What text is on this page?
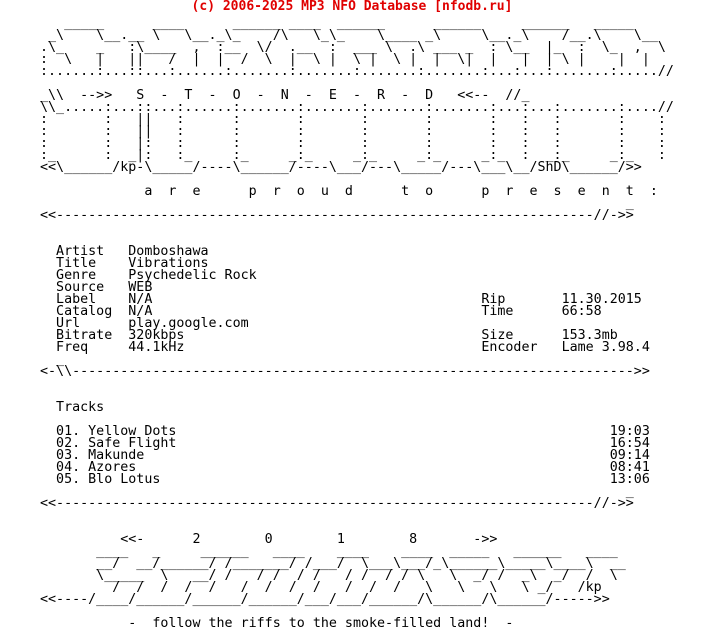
(c) 2006-2025 MP3 NFO Database [nfodb.ru]
_____      ____      ______ ____  ______      ______     ______   _____
_\    \__.__ \   \__._\_    /\   \_\_    \____ _\     \__._\    /__.\    \__
.\_    _   :\____  ,  :__  \/  .__  :  ___ \  .\ ___ _  : \__  |_  :  \_  ,  \
:  \   |   ||   /  |  |  /  \  |  \ |  \ |  \ |  |  \|  |   |  | \ |    |  |
:......:...::...:......:.......:.......:.......:.......:...:...:.......:.....//
_\\  -->>   S  -  T  -  O  -  N  -  E  -  R  -  D   <<--  //_
\\_.....:...::...:......:.......:.......:.......:.......:...:...:.......:....//
:       :   ||   :      :       :       :       :       :   :   :       :    :
:       :   ||   :      :       :       :       :       :   :   :       :    :
:       :   |:   :      :       :       :       :       :   :   :       :    :
:_      :  _|:   :_     :_     _:_     _:_     _:_     _:_  :  _:_     _:_   :
<<\______/kp-\_____/----\______/----\___/---\_____/---\___\__/ShD\______/>>
a  r  e      p  r  o  u  d      t  o      p  r  e  s  e  n  t  :
_
<<-------------------------------------------------------------------//->>
Artist   Domboshawa
Title    Vibrations
Genre    Psychedelic Rock
Source   WEB
Label    N/A                                         Rip       11.30.2015
Catalog  N/A                                         Time      66:58
Url      play.google.com
Bitrate  320kbps                                     Size      153.3mb
Freq     44.1kHz                                     Encoder   Lame 3.98.4
_
<-\\---------------------------------------------------------------------->>
Tracks
01. Yellow Dots                                                      19:03
02. Safe Flight                                                      16:54
03. Makunde                                                          09:14
04. Azores                                                           08:41
05. Blo Lotus                                                        13:06
_
<<-------------------------------------------------------------------//->>
<<-      2        0        1        8       ->>
____   _     ______   ____    ____    ____  _____   ______   ____
__/  __/______/ /_______/ /___/  \___\___/_\______\_____\____\  __
\_____  \   __/ /   / /  / /   / /  / / \   \  _/ /  _\  _/  /  \
/  /  /  /  /   /  /  /  /   /  /  /   \   \   \   \ _/   /kp
<<----/____/______/______/______/___/___/______/\______/\______/----->>
-  follow the riffs to the smoke-filled land!  -
